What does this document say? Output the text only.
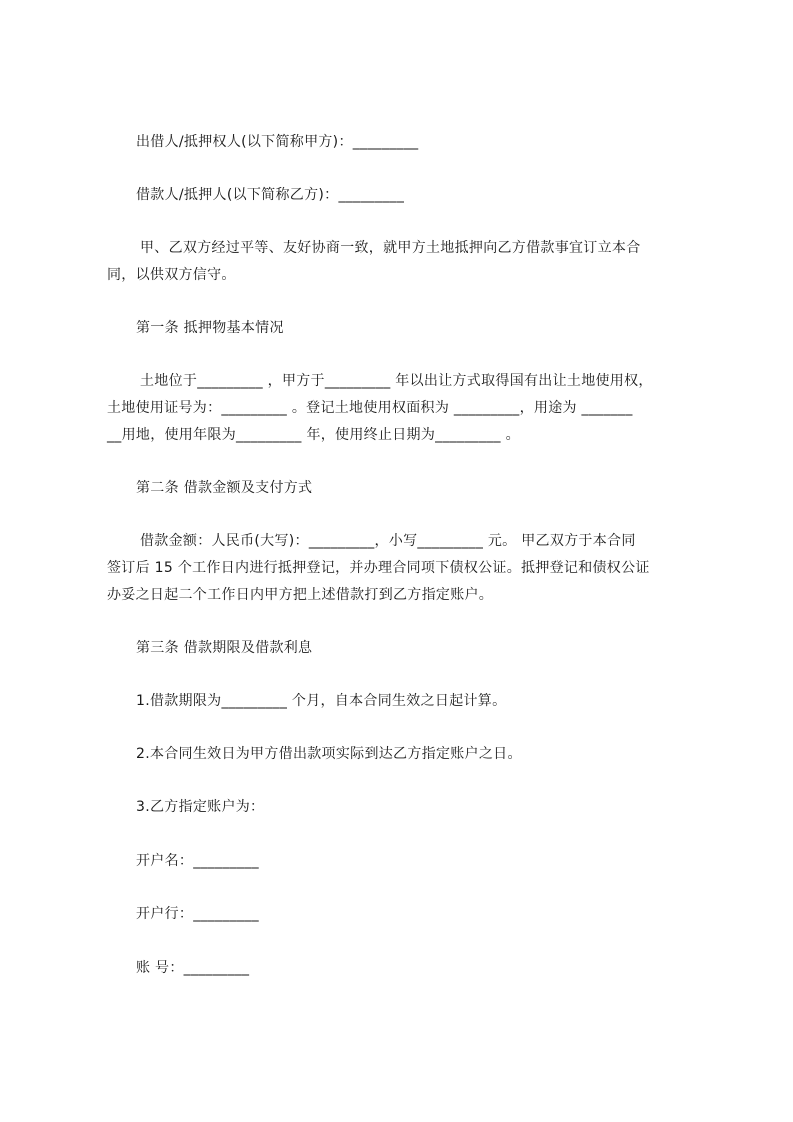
出借人/抵押权人(以下简称甲方)：_________
借款人/抵押人(以下简称乙方)：_________
甲、乙双方经过平等、友好协商一致，就甲方土地抵押向乙方借款事宜订立本合
同，以供双方信守。
第一条 抵押物基本情况
土地位于_________ ，甲方于_________ 年以出让方式取得国有出让土地使用权，
土地使用证号为：_________ 。登记土地使用权面积为 _________，用途为 _______
__用地，使用年限为_________ 年，使用终止日期为_________ 。
第二条 借款金额及支付方式
借款金额：人民币(大写)：_________，小写_________ 元。 甲乙双方于本合同
签订后 15 个工作日内进行抵押登记，并办理合同项下债权公证。抵押登记和债权公证
办妥之日起二个工作日内甲方把上述借款打到乙方指定账户。
第三条 借款期限及借款利息
1.借款期限为_________ 个月，自本合同生效之日起计算。
2.本合同生效日为甲方借出款项实际到达乙方指定账户之日。
3.乙方指定账户为：
开户名：_________
开户行：_________
账 号：_________
